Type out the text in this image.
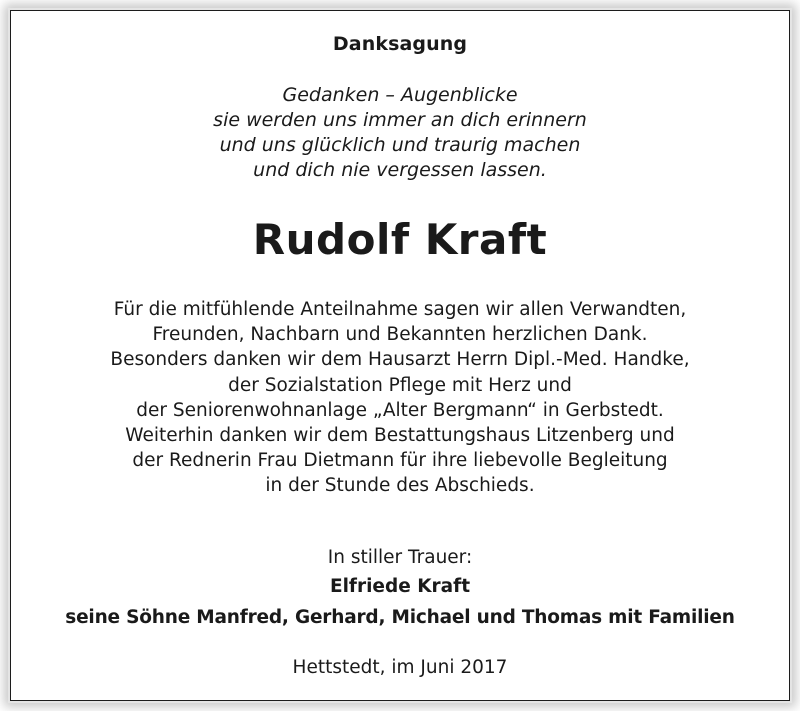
Danksagung
Gedanken – Augenblicke
sie werden uns immer an dich erinnern
und uns glücklich und traurig machen
und dich nie vergessen lassen.
Rudolf Kraft
Für die mitfühlende Anteilnahme sagen wir allen Verwandten,
Freunden, Nachbarn und Bekannten herzlichen Dank.
Besonders danken wir dem Hausarzt Herrn Dipl.-Med. Handke,
der Sozialstation Pflege mit Herz und
der Seniorenwohnanlage „Alter Bergmann“ in Gerbstedt.
Weiterhin danken wir dem Bestattungshaus Litzenberg und
der Rednerin Frau Dietmann für ihre liebevolle Begleitung
in der Stunde des Abschieds.
In stiller Trauer:
Elfriede Kraft
seine Söhne Manfred, Gerhard, Michael und Thomas mit Familien
Hettstedt, im Juni 2017
